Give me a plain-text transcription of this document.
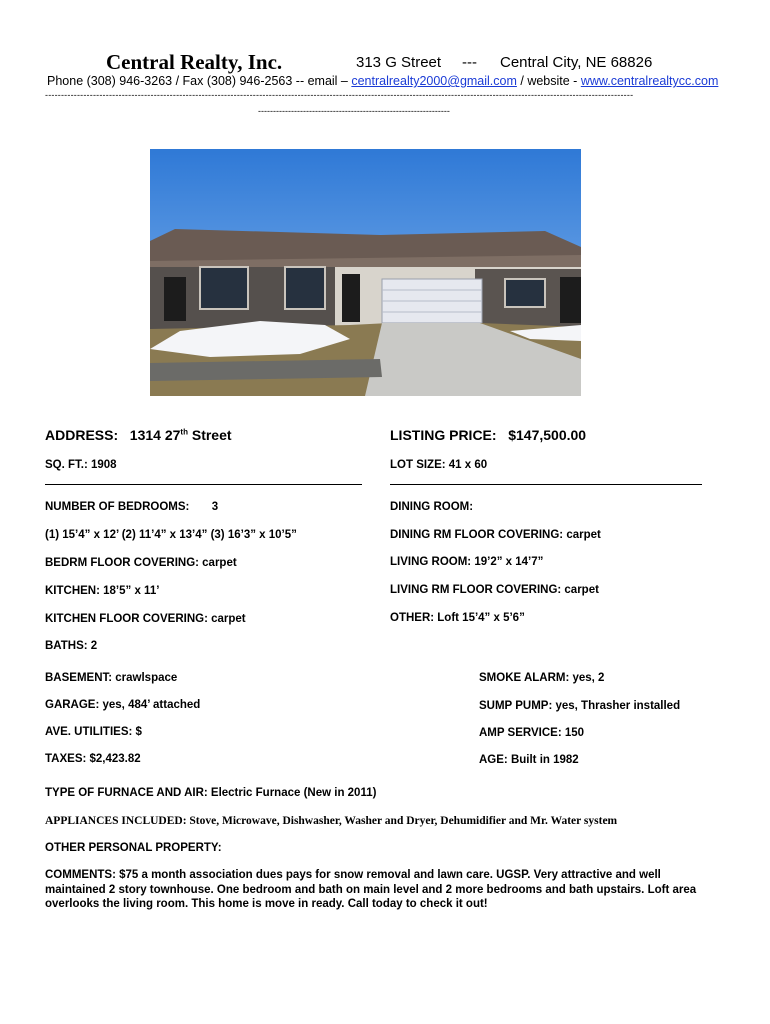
Central Realty, Inc.	313 G Street --- Central City, NE 68826
Phone (308) 946-3263 / Fax (308) 946-2563 -- email – centralrealty2000@gmail.com / website - www.centralrealtycc.com
----------------------------------------------------------------------------------------------------------------------------------------------------------------------------------------
----------------------------------------------------------------
ADDRESS: 1314 27th Street	LISTING PRICE: $147,500.00
SQ. FT.: 1908	LOT SIZE: 41 x 60
NUMBER OF BEDROOMS: 3	DINING ROOM:
(1) 15’4” x 12’ (2) 11’4” x 13’4” (3) 16’3” x 10’5”	DINING RM FLOOR COVERING: carpet
BEDRM FLOOR COVERING: carpet	LIVING ROOM: 19’2” x 14’7”
KITCHEN: 18’5” x 11’	LIVING RM FLOOR COVERING: carpet
KITCHEN FLOOR COVERING: carpet	OTHER: Loft 15’4” x 5’6”
BATHS: 2
BASEMENT: crawlspace	SMOKE ALARM: yes, 2
GARAGE: yes, 484’ attached	SUMP PUMP: yes, Thrasher installed
AVE. UTILITIES: $	AMP SERVICE: 150
TAXES: $2,423.82	AGE: Built in 1982
TYPE OF FURNACE AND AIR: Electric Furnace (New in 2011)
APPLIANCES INCLUDED: Stove, Microwave, Dishwasher, Washer and Dryer, Dehumidifier and Mr. Water system
OTHER PERSONAL PROPERTY:
COMMENTS: $75 a month association dues pays for snow removal and lawn care. UGSP. Very attractive and well maintained 2 story townhouse. One bedroom and bath on main level and 2 more bedrooms and bath upstairs. Loft area overlooks the living room. This home is move in ready. Call today to check it out!
